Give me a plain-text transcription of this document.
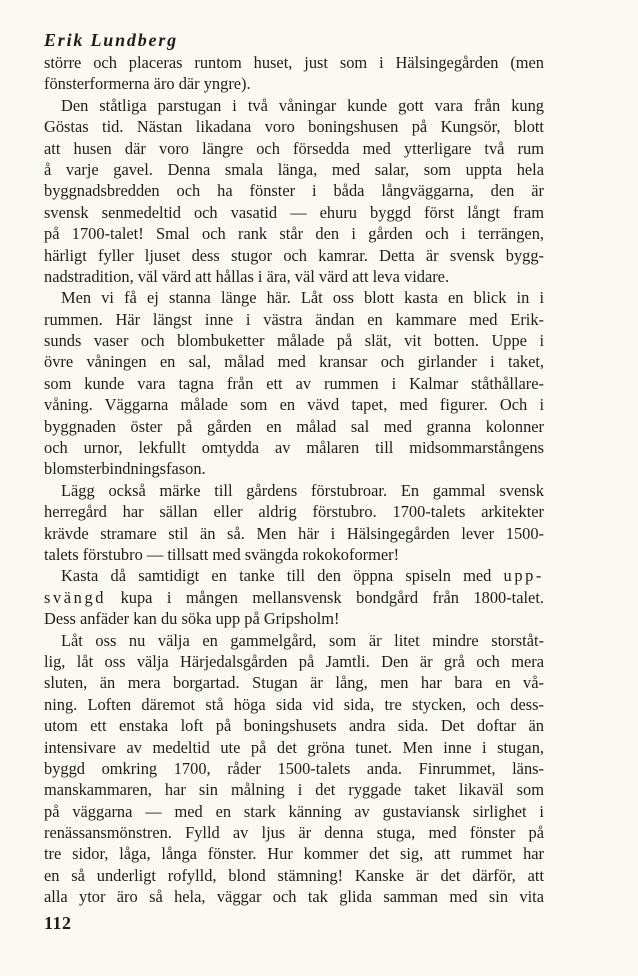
Erik Lundberg
större och placeras runtom huset, just som i Hälsingegården (men
fönsterformerna äro där yngre).
Den ståtliga parstugan i två våningar kunde gott vara från kung
Göstas tid. Nästan likadana voro boningshusen på Kungsör, blott
att husen där voro längre och försedda med ytterligare två rum
å varje gavel. Denna smala länga, med salar, som uppta hela
byggnadsbredden och ha fönster i båda långväggarna, den är
svensk senmedeltid och vasatid — ehuru byggd först långt fram
på 1700-talet! Smal och rank står den i gården och i terrängen,
härligt fyller ljuset dess stugor och kamrar. Detta är svensk bygg-
nadstradition, väl värd att hållas i ära, väl värd att leva vidare.
Men vi få ej stanna länge här. Låt oss blott kasta en blick in i
rummen. Här längst inne i västra ändan en kammare med Erik-
sunds vaser och blombuketter målade på slät, vit botten. Uppe i
övre våningen en sal, målad med kransar och girlander i taket,
som kunde vara tagna från ett av rummen i Kalmar ståthållare-
våning. Väggarna målade som en vävd tapet, med figurer. Och i
byggnaden öster på gården en målad sal med granna kolonner
och urnor, lekfullt omtydda av målaren till midsommarstångens
blomsterbindningsfason.
Lägg också märke till gårdens förstubroar. En gammal svensk
herregård har sällan eller aldrig förstubro. 1700-talets arkitekter
krävde stramare stil än så. Men här i Hälsingegården lever 1500-
talets förstubro — tillsatt med svängda rokokoformer!
Kasta då samtidigt en tanke till den öppna spiseln med upp-
svängd kupa i mången mellansvensk bondgård från 1800-talet.
Dess anfäder kan du söka upp på Gripsholm!
Låt oss nu välja en gammelgård, som är litet mindre storståt-
lig, låt oss välja Härjedalsgården på Jamtli. Den är grå och mera
sluten, än mera borgartad. Stugan är lång, men har bara en vå-
ning. Loften däremot stå höga sida vid sida, tre stycken, och dess-
utom ett enstaka loft på boningshusets andra sida. Det doftar än
intensivare av medeltid ute på det gröna tunet. Men inne i stugan,
byggd omkring 1700, råder 1500-talets anda. Finrummet, läns-
manskammaren, har sin målning i det ryggade taket likaväl som
på väggarna — med en stark känning av gustaviansk sirlighet i
renässansmönstren. Fylld av ljus är denna stuga, med fönster på
tre sidor, låga, långa fönster. Hur kommer det sig, att rummet har
en så underligt rofylld, blond stämning! Kanske är det därför, att
alla ytor äro så hela, väggar och tak glida samman med sin vita
112
